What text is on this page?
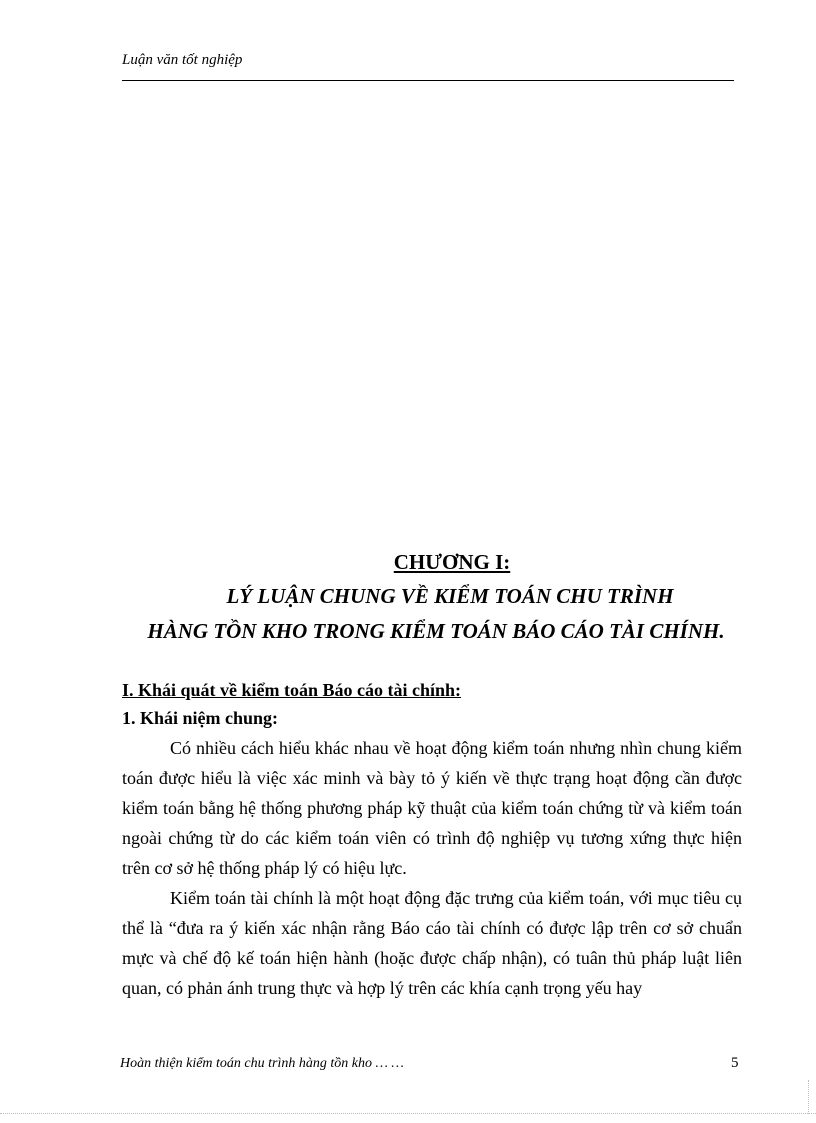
Luận văn tốt nghiệp
CHƯƠNG I:
LÝ LUẬN CHUNG VỀ KIỂM TOÁN CHU TRÌNH
HÀNG TỒN KHO TRONG KIỂM TOÁN BÁO CÁO TÀI CHÍNH.
I. Khái quát về kiểm toán Báo cáo tài chính:
1. Khái niệm chung:

Có nhiều cách hiểu khác nhau về hoạt động kiểm toán nhưng nhìn chung kiểm toán được hiểu là việc xác minh và bày tỏ ý kiến về thực trạng hoạt động cần được kiểm toán bằng hệ thống phương pháp kỹ thuật của kiểm toán chứng từ và kiểm toán ngoài chứng từ do các kiểm toán viên có trình độ nghiệp vụ tương xứng thực hiện trên cơ sở hệ thống pháp lý có hiệu lực.

Kiểm toán tài chính là một hoạt động đặc trưng của kiểm toán, với mục tiêu cụ thể là “đưa ra ý kiến xác nhận rằng Báo cáo tài chính có được lập trên cơ sở chuẩn mực và chế độ kế toán hiện hành (hoặc được chấp nhận), có tuân thủ pháp luật liên quan, có phản ánh trung thực và hợp lý trên các khía cạnh trọng yếu hay

Hoàn thiện kiểm toán chu trình hàng tồn kho … …	5
